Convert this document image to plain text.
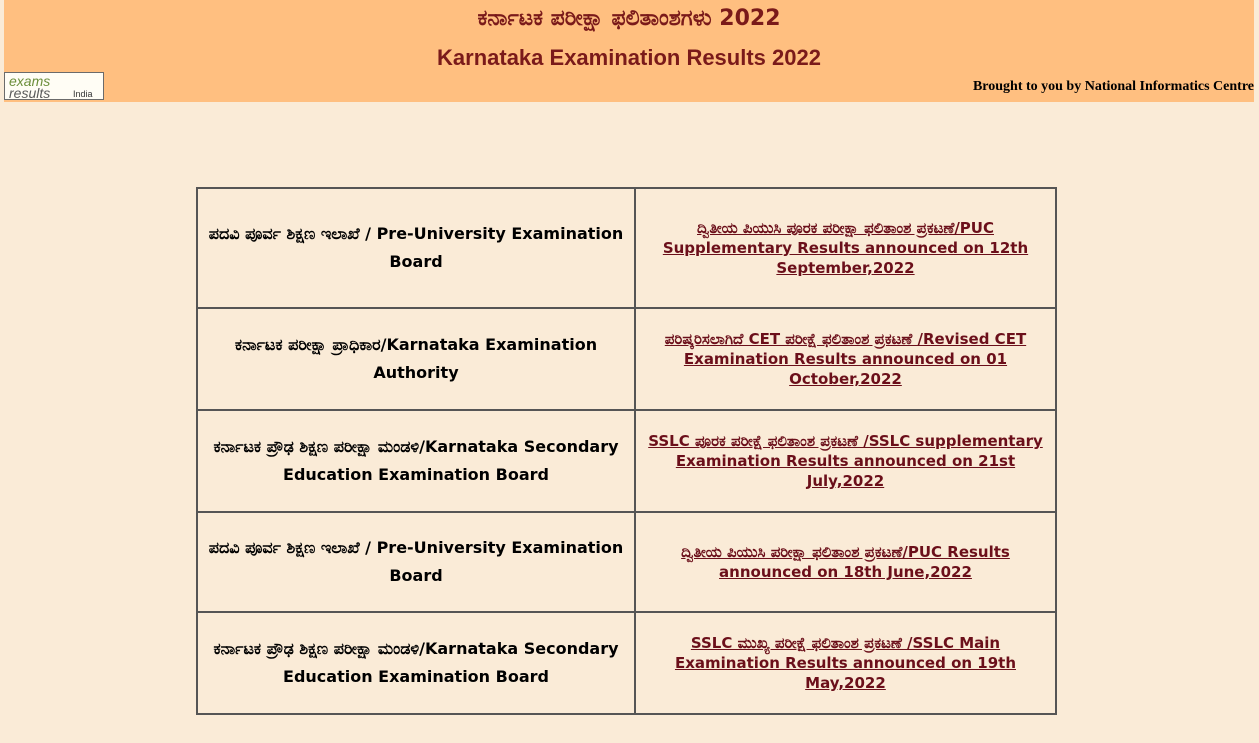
ಕರ್ನಾಟಕ ಪರೀಕ್ಷಾ ಫಲಿತಾಂಶಗಳು 2022
Karnataka Examination Results 2022
exams
results	India	Brought to you by National Informatics Centre
ಪದವಿ ಪೂರ್ವ ಶಿಕ್ಷಣ ಇಲಾಖೆ / Pre-University Examination Board	ದ್ವಿತೀಯ ಪಿಯುಸಿ ಪೂರಕ ಪರೀಕ್ಷಾ ಫಲಿತಾಂಶ ಪ್ರಕಟಣೆ/PUC Supplementary Results announced on 12th September,2022
ಕರ್ನಾಟಕ ಪರೀಕ್ಷಾ ಪ್ರಾಧಿಕಾರ/Karnataka Examination Authority	ಪರಿಷ್ಕರಿಸಲಾಗಿದೆ CET ಪರೀಕ್ಷೆ ಫಲಿತಾಂಶ ಪ್ರಕಟಣೆ /Revised CET Examination Results announced on 01 October,2022
ಕರ್ನಾಟಕ ಪ್ರೌಢ ಶಿಕ್ಷಣ ಪರೀಕ್ಷಾ ಮಂಡಳಿ/Karnataka Secondary Education Examination Board	SSLC ಪೂರಕ ಪರೀಕ್ಷೆ ಫಲಿತಾಂಶ ಪ್ರಕಟಣೆ /SSLC supplementary Examination Results announced on 21st July,2022
ಪದವಿ ಪೂರ್ವ ಶಿಕ್ಷಣ ಇಲಾಖೆ / Pre-University Examination Board	ದ್ವಿತೀಯ ಪಿಯುಸಿ ಪರೀಕ್ಷಾ ಫಲಿತಾಂಶ ಪ್ರಕಟಣೆ/PUC Results announced on 18th June,2022
ಕರ್ನಾಟಕ ಪ್ರೌಢ ಶಿಕ್ಷಣ ಪರೀಕ್ಷಾ ಮಂಡಳಿ/Karnataka Secondary Education Examination Board	SSLC ಮುಖ್ಯ ಪರೀಕ್ಷೆ ಫಲಿತಾಂಶ ಪ್ರಕಟಣೆ /SSLC Main Examination Results announced on 19th May,2022
